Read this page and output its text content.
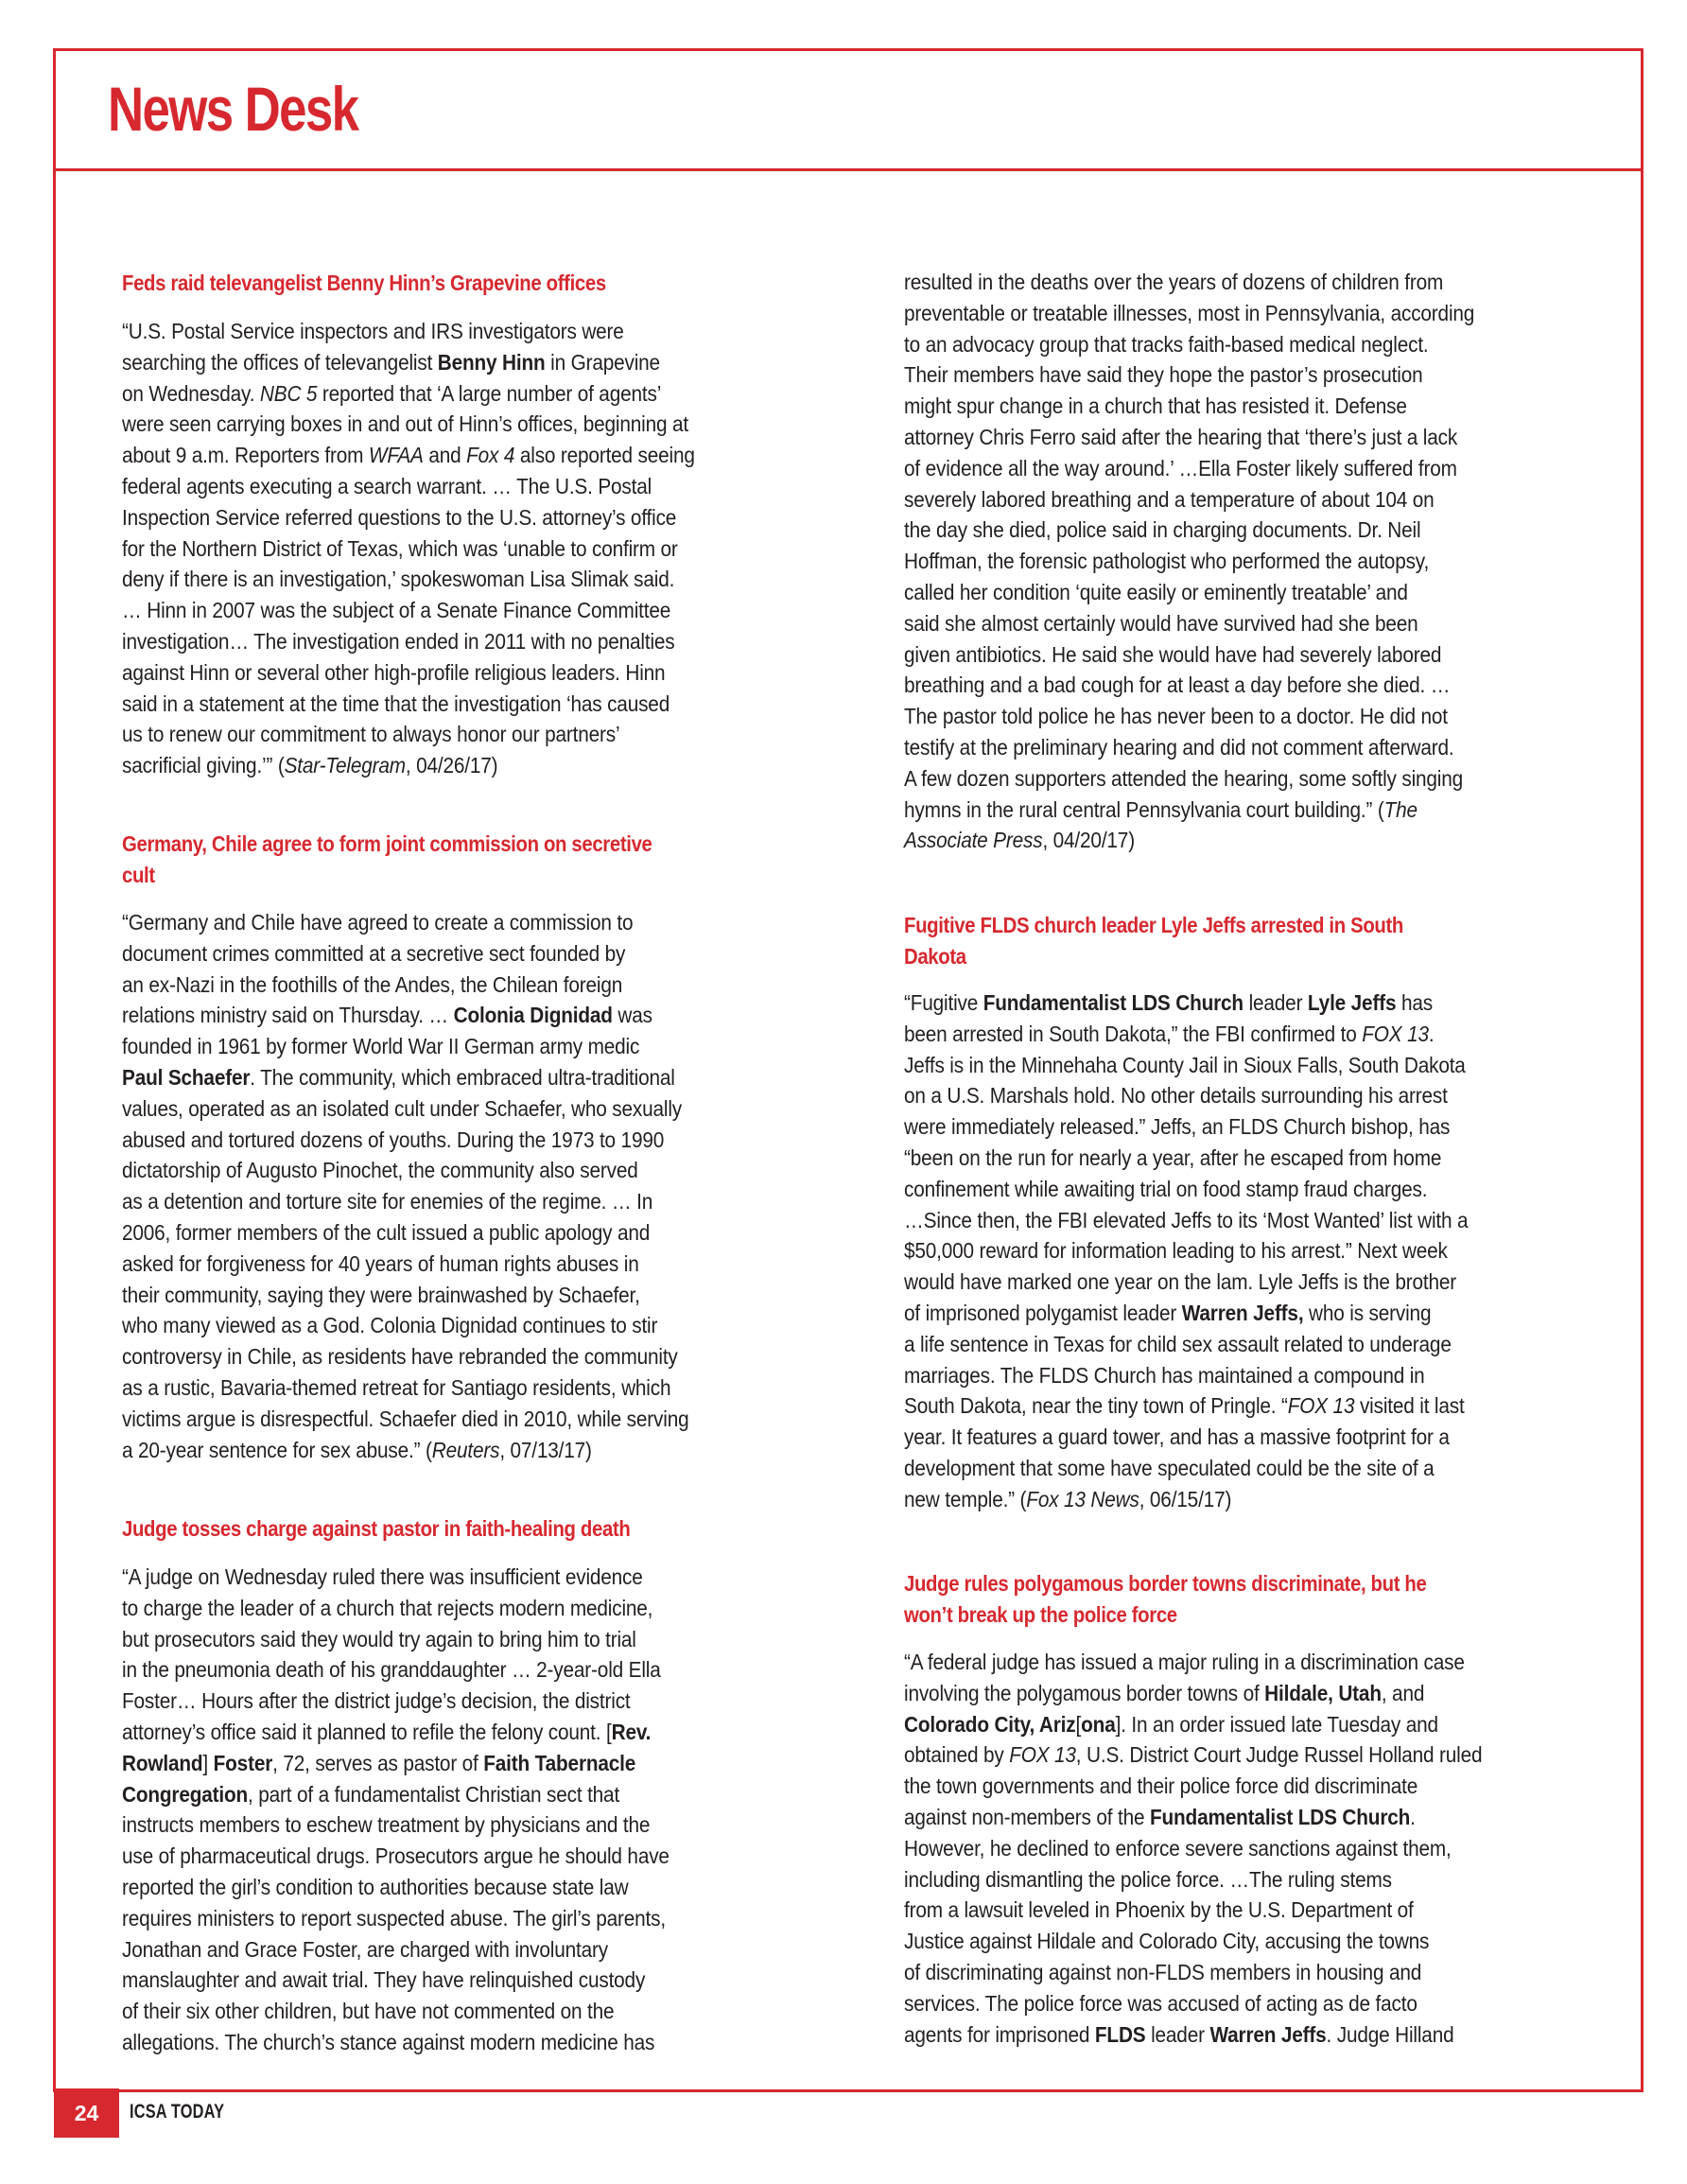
News Desk
Feds raid televangelist Benny Hinn’s Grapevine offices
“U.S. Postal Service inspectors and IRS investigators were
searching the offices of televangelist Benny Hinn in Grapevine
on Wednesday. NBC 5 reported that ‘A large number of agents’
were seen carrying boxes in and out of Hinn’s offices, beginning at
about 9 a.m. Reporters from WFAA and Fox 4 also reported seeing
federal agents executing a search warrant. … The U.S. Postal
Inspection Service referred questions to the U.S. attorney’s office
for the Northern District of Texas, which was ‘unable to confirm or
deny if there is an investigation,’ spokeswoman Lisa Slimak said.
… Hinn in 2007 was the subject of a Senate Finance Committee
investigation… The investigation ended in 2011 with no penalties
against Hinn or several other high-profile religious leaders. Hinn
said in a statement at the time that the investigation ‘has caused
us to renew our commitment to always honor our partners’
sacrificial giving.’” (Star-Telegram, 04/26/17)
Germany, Chile agree to form joint commission on secretive
cult
“Germany and Chile have agreed to create a commission to
document crimes committed at a secretive sect founded by
an ex-Nazi in the foothills of the Andes, the Chilean foreign
relations ministry said on Thursday. … Colonia Dignidad was
founded in 1961 by former World War II German army medic
Paul Schaefer. The community, which embraced ultra-traditional
values, operated as an isolated cult under Schaefer, who sexually
abused and tortured dozens of youths. During the 1973 to 1990
dictatorship of Augusto Pinochet, the community also served
as a detention and torture site for enemies of the regime. … In
2006, former members of the cult issued a public apology and
asked for forgiveness for 40 years of human rights abuses in
their community, saying they were brainwashed by Schaefer,
who many viewed as a God. Colonia Dignidad continues to stir
controversy in Chile, as residents have rebranded the community
as a rustic, Bavaria-themed retreat for Santiago residents, which
victims argue is disrespectful. Schaefer died in 2010, while serving
a 20-year sentence for sex abuse.” (Reuters, 07/13/17)
Judge tosses charge against pastor in faith-healing death
“A judge on Wednesday ruled there was insufficient evidence
to charge the leader of a church that rejects modern medicine,
but prosecutors said they would try again to bring him to trial
in the pneumonia death of his granddaughter … 2-year-old Ella
Foster… Hours after the district judge’s decision, the district
attorney’s office said it planned to refile the felony count. [Rev.
Rowland] Foster, 72, serves as pastor of Faith Tabernacle
Congregation, part of a fundamentalist Christian sect that
instructs members to eschew treatment by physicians and the
use of pharmaceutical drugs. Prosecutors argue he should have
reported the girl’s condition to authorities because state law
requires ministers to report suspected abuse. The girl’s parents,
Jonathan and Grace Foster, are charged with involuntary
manslaughter and await trial. They have relinquished custody
of their six other children, but have not commented on the
allegations. The church’s stance against modern medicine has
resulted in the deaths over the years of dozens of children from
preventable or treatable illnesses, most in Pennsylvania, according
to an advocacy group that tracks faith-based medical neglect.
Their members have said they hope the pastor’s prosecution
might spur change in a church that has resisted it. Defense
attorney Chris Ferro said after the hearing that ‘there’s just a lack
of evidence all the way around.’ …Ella Foster likely suffered from
severely labored breathing and a temperature of about 104 on
the day she died, police said in charging documents. Dr. Neil
Hoffman, the forensic pathologist who performed the autopsy,
called her condition ‘quite easily or eminently treatable’ and
said she almost certainly would have survived had she been
given antibiotics. He said she would have had severely labored
breathing and a bad cough for at least a day before she died. …
The pastor told police he has never been to a doctor. He did not
testify at the preliminary hearing and did not comment afterward.
A few dozen supporters attended the hearing, some softly singing
hymns in the rural central Pennsylvania court building.” (The
Associate Press, 04/20/17)
Fugitive FLDS church leader Lyle Jeffs arrested in South
Dakota
“Fugitive Fundamentalist LDS Church leader Lyle Jeffs has
been arrested in South Dakota,” the FBI confirmed to FOX 13.
Jeffs is in the Minnehaha County Jail in Sioux Falls, South Dakota
on a U.S. Marshals hold. No other details surrounding his arrest
were immediately released.” Jeffs, an FLDS Church bishop, has
“been on the run for nearly a year, after he escaped from home
confinement while awaiting trial on food stamp fraud charges.
…Since then, the FBI elevated Jeffs to its ‘Most Wanted’ list with a
$50,000 reward for information leading to his arrest.” Next week
would have marked one year on the lam. Lyle Jeffs is the brother
of imprisoned polygamist leader Warren Jeffs, who is serving
a life sentence in Texas for child sex assault related to underage
marriages. The FLDS Church has maintained a compound in
South Dakota, near the tiny town of Pringle. “FOX 13 visited it last
year. It features a guard tower, and has a massive footprint for a
development that some have speculated could be the site of a
new temple.” (Fox 13 News, 06/15/17)
Judge rules polygamous border towns discriminate, but he
won’t break up the police force
“A federal judge has issued a major ruling in a discrimination case
involving the polygamous border towns of Hildale, Utah, and
Colorado City, Ariz[ona]. In an order issued late Tuesday and
obtained by FOX 13, U.S. District Court Judge Russel Holland ruled
the town governments and their police force did discriminate
against non-members of the Fundamentalist LDS Church.
However, he declined to enforce severe sanctions against them,
including dismantling the police force. …The ruling stems
from a lawsuit leveled in Phoenix by the U.S. Department of
Justice against Hildale and Colorado City, accusing the towns
of discriminating against non-FLDS members in housing and
services. The police force was accused of acting as de facto
agents for imprisoned FLDS leader Warren Jeffs. Judge Hilland
24	ICSA TODAY
